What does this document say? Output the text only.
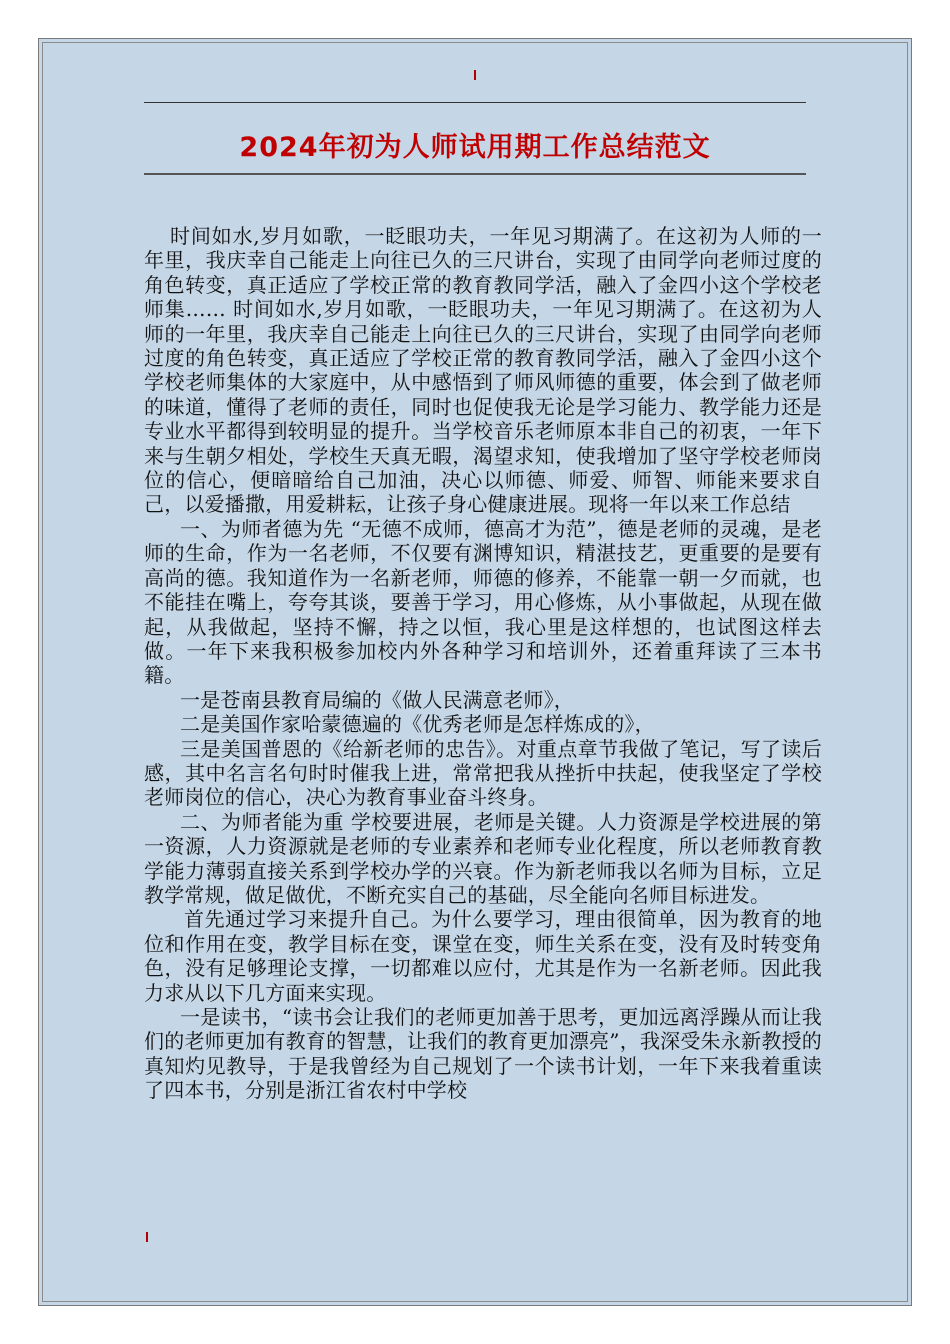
2024年初为人师试用期工作总结范文

时间如水,岁月如歌，一眨眼功夫，一年见习期满了。在这初为人师的一年里，我庆幸自己能走上向往已久的三尺讲台，实现了由同学向老师过度的角色转变，真正适应了学校正常的教育教同学活，融入了金四小这个学校老师集…… 时间如水,岁月如歌，一眨眼功夫，一年见习期满了。在这初为人师的一年里，我庆幸自己能走上向往已久的三尺讲台，实现了由同学向老师过度的角色转变，真正适应了学校正常的教育教同学活，融入了金四小这个学校老师集体的大家庭中，从中感悟到了师风师德的重要，体会到了做老师的味道，懂得了老师的责任，同时也促使我无论是学习能力、教学能力还是专业水平都得到较明显的提升。当学校音乐老师原本非自己的初衷，一年下来与生朝夕相处，学校生天真无暇，渴望求知，使我增加了坚守学校老师岗位的信心，便暗暗给自己加油，决心以师德、师爱、师智、师能来要求自己，以爱播撒，用爱耕耘，让孩子身心健康进展。现将一年以来工作总结

一、为师者德为先 “无德不成师，德高才为范”，德是老师的灵魂，是老师的生命，作为一名老师，不仅要有渊博知识，精湛技艺，更重要的是要有高尚的德。我知道作为一名新老师，师德的修养，不能靠一朝一夕而就，也不能挂在嘴上，夸夸其谈，要善于学习，用心修炼，从小事做起，从现在做起，从我做起，坚持不懈，持之以恒，我心里是这样想的，也试图这样去做。一年下来我积极参加校内外各种学习和培训外，还着重拜读了三本书籍。

一是苍南县教育局编的《做人民满意老师》，

二是美国作家哈蒙德遍的《优秀老师是怎样炼成的》，

三是美国普恩的《给新老师的忠告》。对重点章节我做了笔记，写了读后感，其中名言名句时时催我上进，常常把我从挫折中扶起，使我坚定了学校老师岗位的信心，决心为教育事业奋斗终身。

二、为师者能为重 学校要进展，老师是关键。人力资源是学校进展的第一资源，人力资源就是老师的专业素养和老师专业化程度，所以老师教育教学能力薄弱直接关系到学校办学的兴衰。作为新老师我以名师为目标，立足教学常规，做足做优，不断充实自己的基础，尽全能向名师目标进发。

首先通过学习来提升自己。为什么要学习，理由很简单，因为教育的地位和作用在变，教学目标在变，课堂在变，师生关系在变，没有及时转变角色，没有足够理论支撑，一切都难以应付，尤其是作为一名新老师。因此我力求从以下几方面来实现。

一是读书，“读书会让我们的老师更加善于思考，更加远离浮躁从而让我们的老师更加有教育的智慧，让我们的教育更加漂亮”，我深受朱永新教授的真知灼见教导，于是我曾经为自己规划了一个读书计划，一年下来我着重读了四本书，分别是浙江省农村中学校
